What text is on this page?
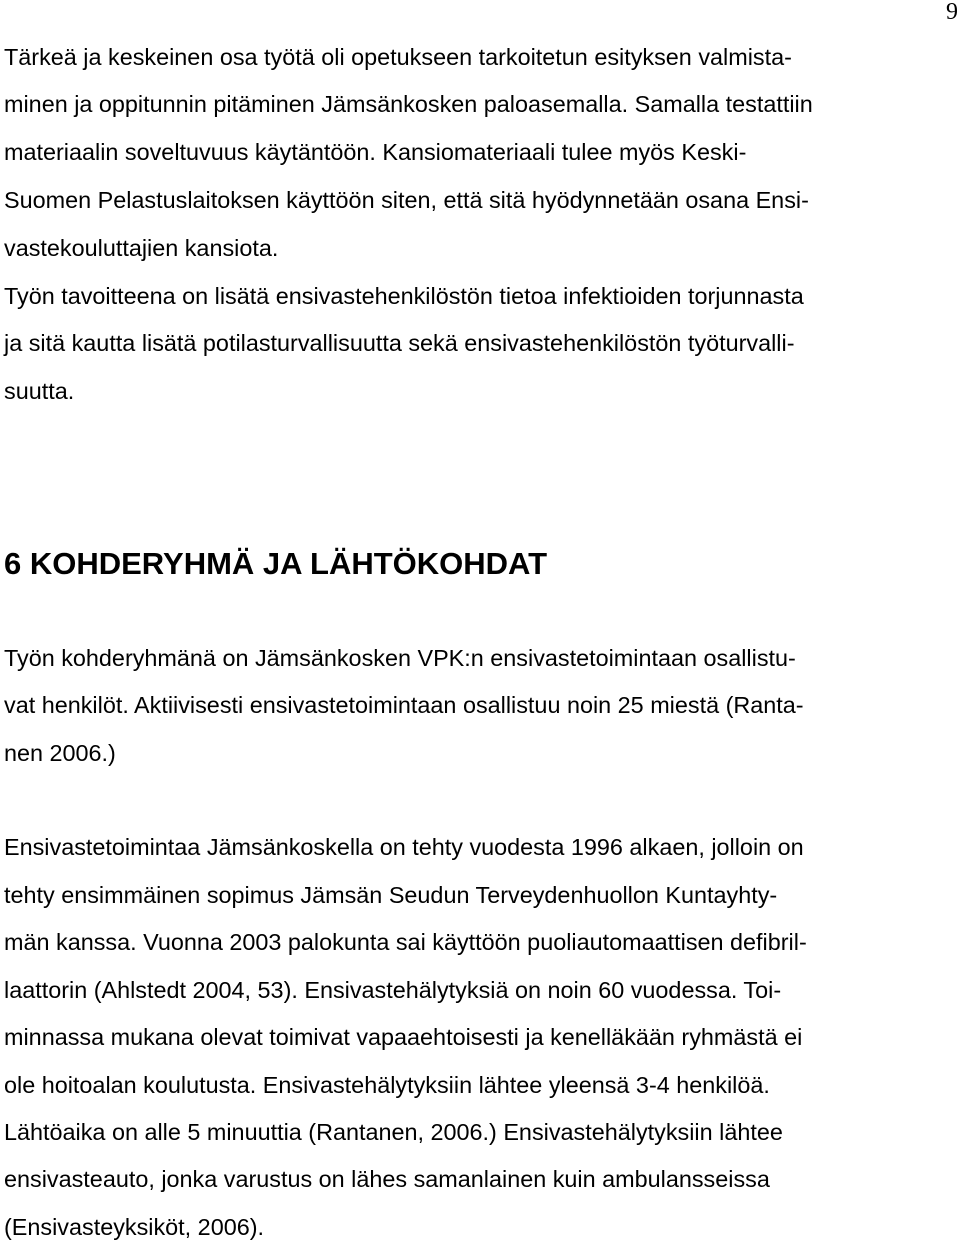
9
Tärkeä ja keskeinen osa työtä oli opetukseen tarkoitetun esityksen valmista-
minen ja oppitunnin pitäminen Jämsänkosken paloasemalla. Samalla testattiin
materiaalin soveltuvuus käytäntöön. Kansiomateriaali tulee myös Keski-
Suomen Pelastuslaitoksen käyttöön siten, että sitä hyödynnetään osana Ensi-
vastekouluttajien kansiota.
Työn tavoitteena on lisätä ensivastehenkilöstön tietoa infektioiden torjunnasta
ja sitä kautta lisätä potilasturvallisuutta sekä ensivastehenkilöstön työturvalli-
suutta.
6 KOHDERYHMÄ JA LÄHTÖKOHDAT
Työn kohderyhmänä on Jämsänkosken VPK:n ensivastetoimintaan osallistu-
vat henkilöt. Aktiivisesti ensivastetoimintaan osallistuu noin 25 miestä (Ranta-
nen 2006.)
Ensivastetoimintaa Jämsänkoskella on tehty vuodesta 1996 alkaen, jolloin on
tehty ensimmäinen sopimus Jämsän Seudun Terveydenhuollon Kuntayhty-
män kanssa. Vuonna 2003 palokunta sai käyttöön puoliautomaattisen defibril-
laattorin (Ahlstedt 2004, 53). Ensivastehälytyksiä on noin 60 vuodessa. Toi-
minnassa mukana olevat toimivat vapaaehtoisesti ja kenelläkään ryhmästä ei
ole hoitoalan koulutusta. Ensivastehälytyksiin lähtee yleensä 3-4 henkilöä.
Lähtöaika on alle 5 minuuttia (Rantanen, 2006.) Ensivastehälytyksiin lähtee
ensivasteauto, jonka varustus on lähes samanlainen kuin ambulansseissa
(Ensivasteyksiköt, 2006).
